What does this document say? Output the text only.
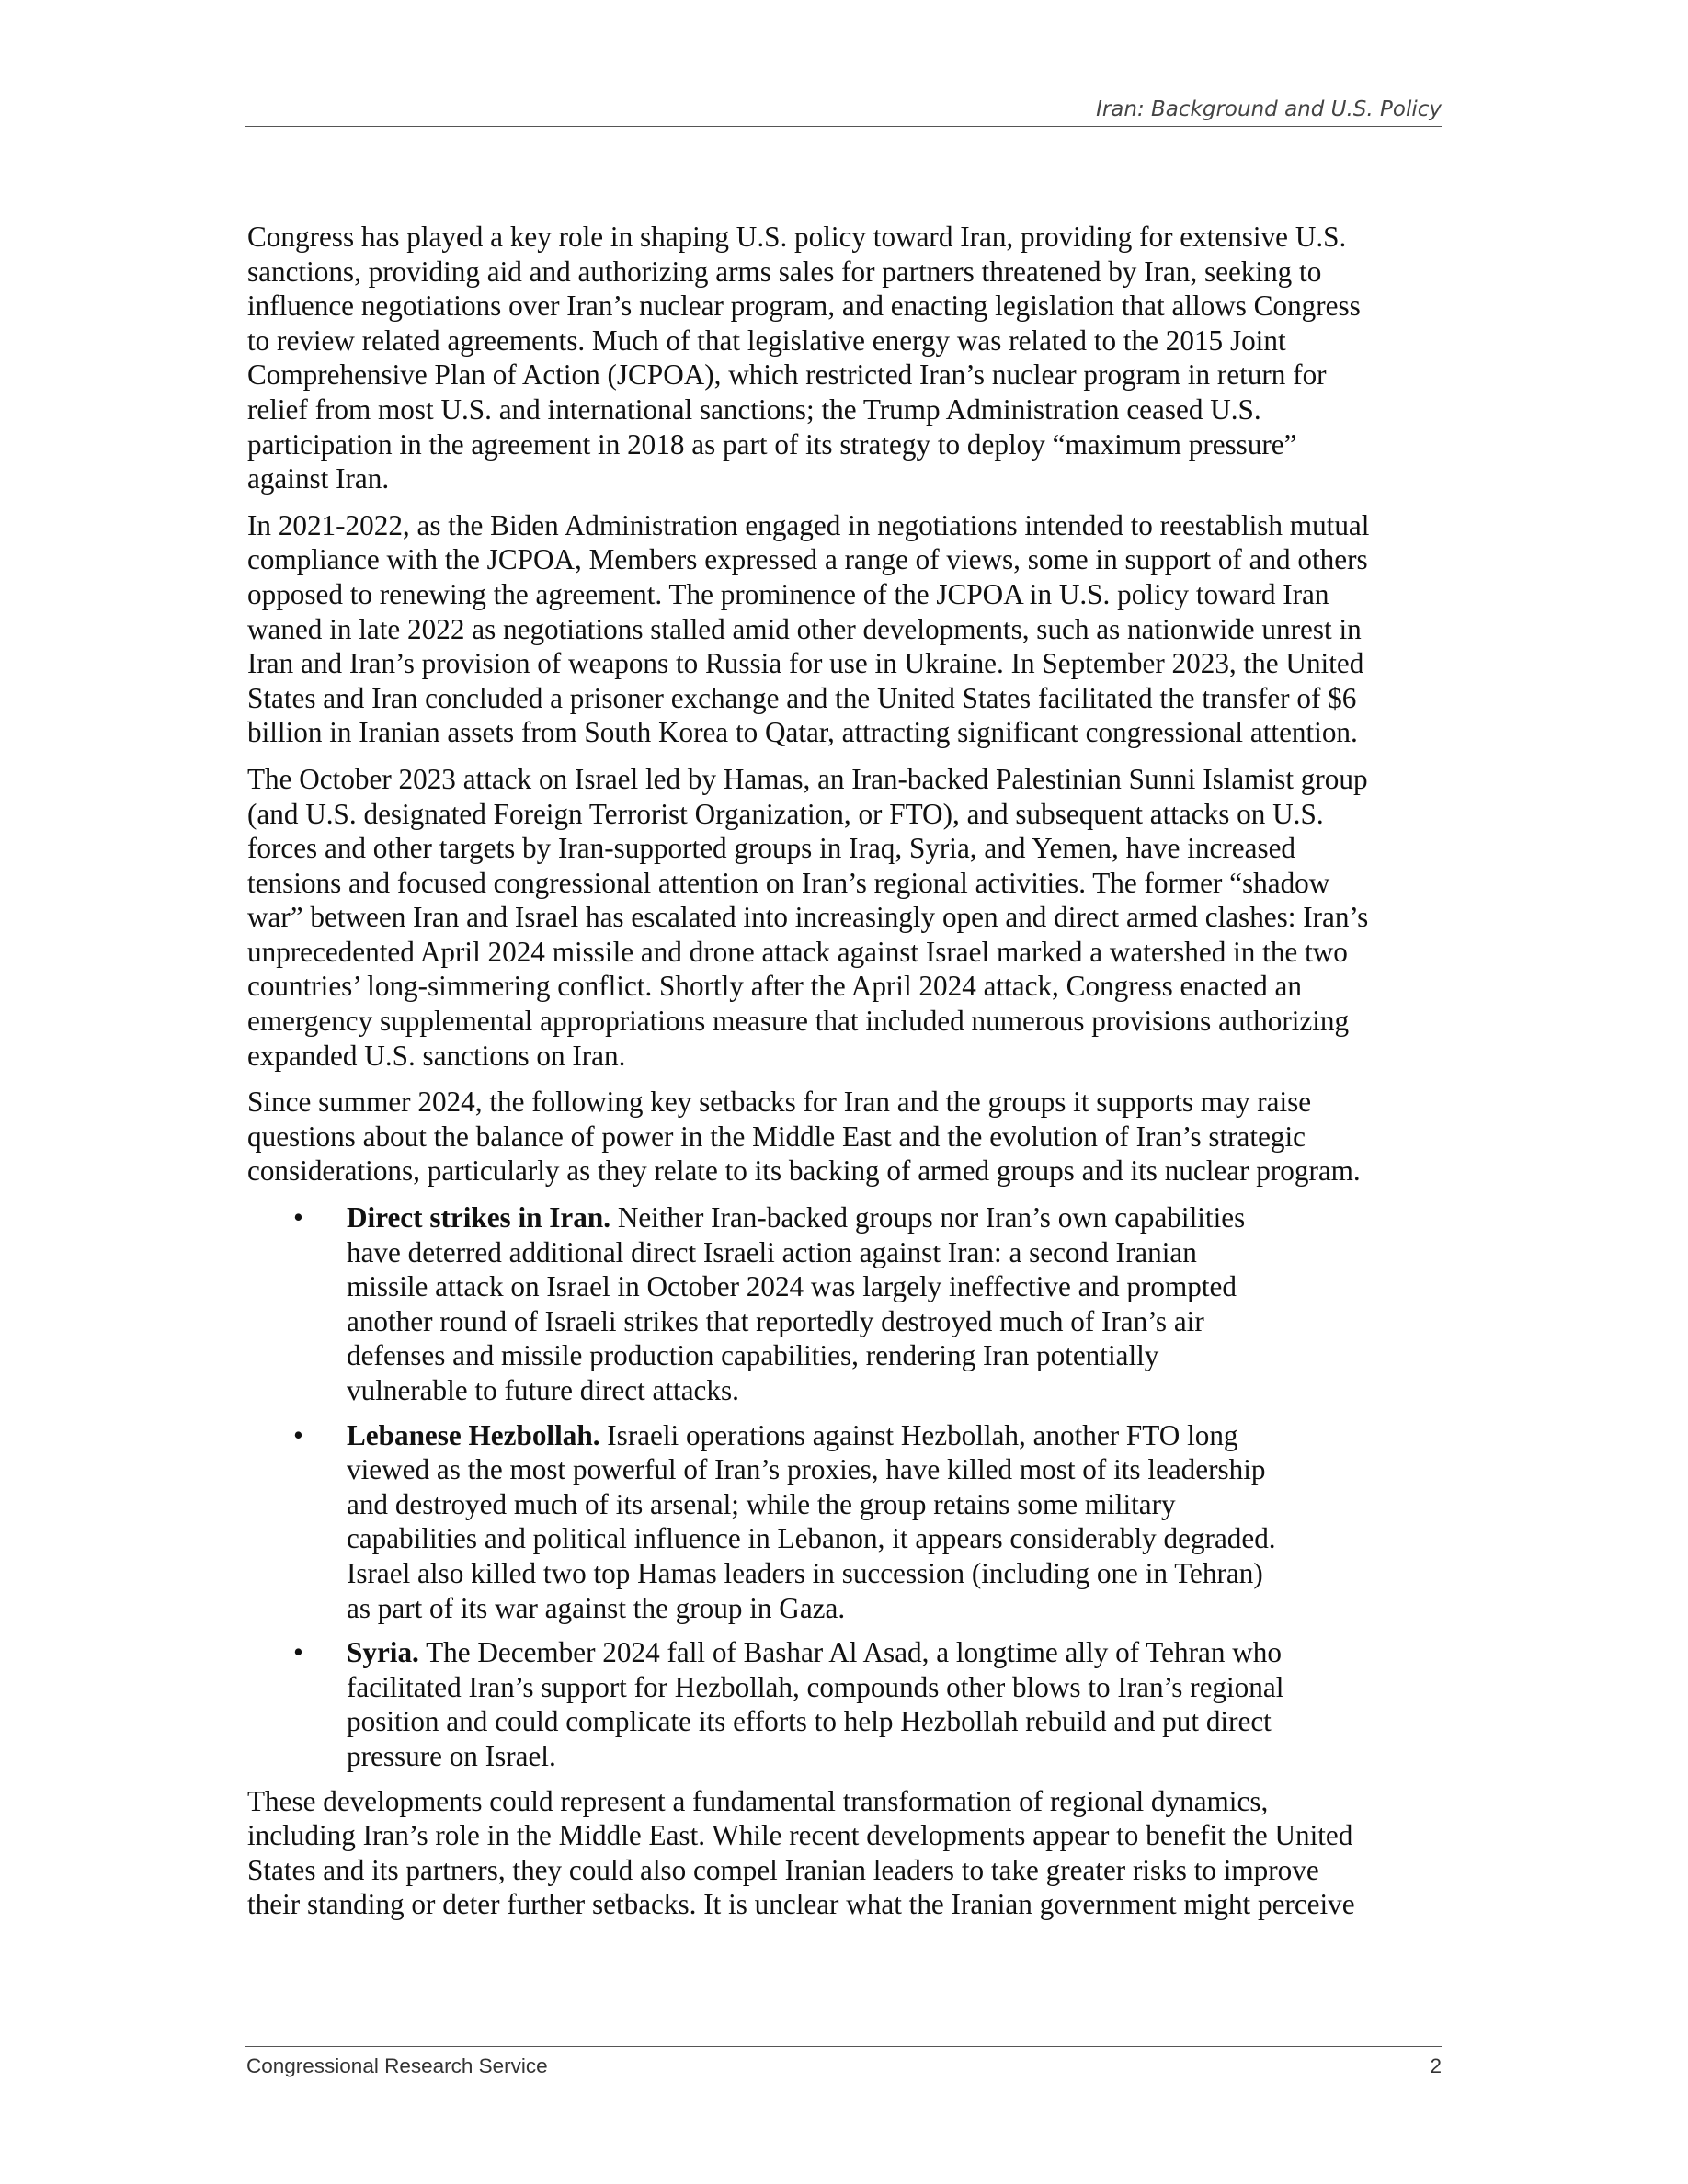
Iran: Background and U.S. Policy

Congress has played a key role in shaping U.S. policy toward Iran, providing for extensive U.S.
sanctions, providing aid and authorizing arms sales for partners threatened by Iran, seeking to
influence negotiations over Iran’s nuclear program, and enacting legislation that allows Congress
to review related agreements. Much of that legislative energy was related to the 2015 Joint
Comprehensive Plan of Action (JCPOA), which restricted Iran’s nuclear program in return for
relief from most U.S. and international sanctions; the Trump Administration ceased U.S.
participation in the agreement in 2018 as part of its strategy to deploy “maximum pressure”
against Iran.

In 2021-2022, as the Biden Administration engaged in negotiations intended to reestablish mutual
compliance with the JCPOA, Members expressed a range of views, some in support of and others
opposed to renewing the agreement. The prominence of the JCPOA in U.S. policy toward Iran
waned in late 2022 as negotiations stalled amid other developments, such as nationwide unrest in
Iran and Iran’s provision of weapons to Russia for use in Ukraine. In September 2023, the United
States and Iran concluded a prisoner exchange and the United States facilitated the transfer of $6
billion in Iranian assets from South Korea to Qatar, attracting significant congressional attention.

The October 2023 attack on Israel led by Hamas, an Iran-backed Palestinian Sunni Islamist group
(and U.S. designated Foreign Terrorist Organization, or FTO), and subsequent attacks on U.S.
forces and other targets by Iran-supported groups in Iraq, Syria, and Yemen, have increased
tensions and focused congressional attention on Iran’s regional activities. The former “shadow
war” between Iran and Israel has escalated into increasingly open and direct armed clashes: Iran’s
unprecedented April 2024 missile and drone attack against Israel marked a watershed in the two
countries’ long-simmering conflict. Shortly after the April 2024 attack, Congress enacted an
emergency supplemental appropriations measure that included numerous provisions authorizing
expanded U.S. sanctions on Iran.

Since summer 2024, the following key setbacks for Iran and the groups it supports may raise
questions about the balance of power in the Middle East and the evolution of Iran’s strategic
considerations, particularly as they relate to its backing of armed groups and its nuclear program.

• Direct strikes in Iran. Neither Iran-backed groups nor Iran’s own capabilities
have deterred additional direct Israeli action against Iran: a second Iranian
missile attack on Israel in October 2024 was largely ineffective and prompted
another round of Israeli strikes that reportedly destroyed much of Iran’s air
defenses and missile production capabilities, rendering Iran potentially
vulnerable to future direct attacks.
• Lebanese Hezbollah. Israeli operations against Hezbollah, another FTO long
viewed as the most powerful of Iran’s proxies, have killed most of its leadership
and destroyed much of its arsenal; while the group retains some military
capabilities and political influence in Lebanon, it appears considerably degraded.
Israel also killed two top Hamas leaders in succession (including one in Tehran)
as part of its war against the group in Gaza.
• Syria. The December 2024 fall of Bashar Al Asad, a longtime ally of Tehran who
facilitated Iran’s support for Hezbollah, compounds other blows to Iran’s regional
position and could complicate its efforts to help Hezbollah rebuild and put direct
pressure on Israel.

These developments could represent a fundamental transformation of regional dynamics,
including Iran’s role in the Middle East. While recent developments appear to benefit the United
States and its partners, they could also compel Iranian leaders to take greater risks to improve
their standing or deter further setbacks. It is unclear what the Iranian government might perceive

Congressional Research Service	2
